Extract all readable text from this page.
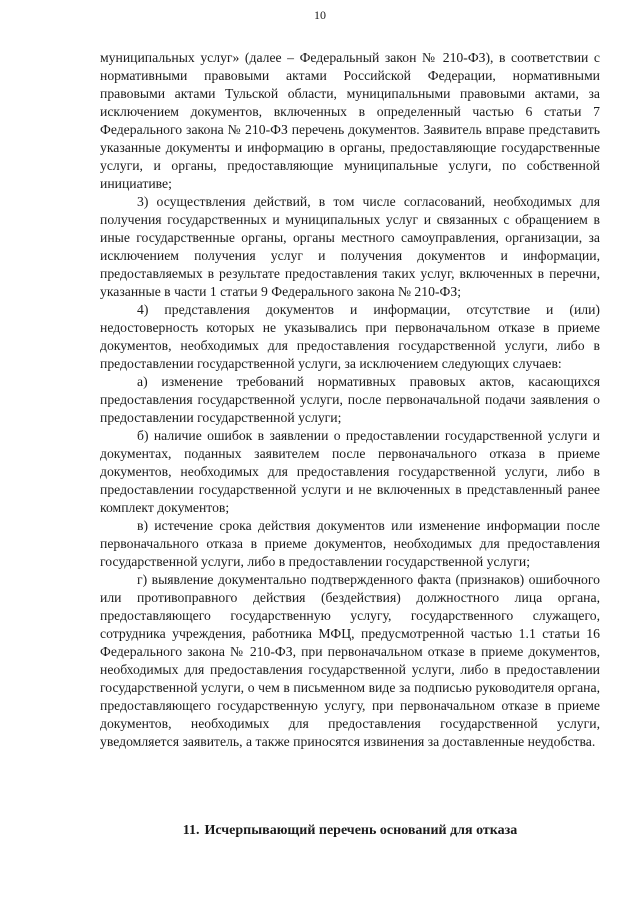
10

муниципальных услуг» (далее – Федеральный закон № 210-ФЗ), в соответствии с нормативными правовыми актами Российской Федерации, нормативными правовыми актами Тульской области, муниципальными правовыми актами, за исключением документов, включенных в определенный частью 6 статьи 7 Федерального закона № 210-ФЗ перечень документов. Заявитель вправе представить указанные документы и информацию в органы, предоставляющие государственные услуги, и органы, предоставляющие муниципальные услуги, по собственной инициативе;

3) осуществления действий, в том числе согласований, необходимых для получения государственных и муниципальных услуг и связанных с обращением в иные государственные органы, органы местного самоуправления, организации, за исключением получения услуг и получения документов и информации, предоставляемых в результате предоставления таких услуг, включенных в перечни, указанные в части 1 статьи 9 Федерального закона № 210-ФЗ;

4) представления документов и информации, отсутствие и (или) недостоверность которых не указывались при первоначальном отказе в приеме документов, необходимых для предоставления государственной услуги, либо в предоставлении государственной услуги, за исключением следующих случаев:

а) изменение требований нормативных правовых актов, касающихся предоставления государственной услуги, после первоначальной подачи заявления о предоставлении государственной услуги;

б) наличие ошибок в заявлении о предоставлении государственной услуги и документах, поданных заявителем после первоначального отказа в приеме документов, необходимых для предоставления государственной услуги, либо в предоставлении государственной услуги и не включенных в представленный ранее комплект документов;

в) истечение срока действия документов или изменение информации после первоначального отказа в приеме документов, необходимых для предоставления государственной услуги, либо в предоставлении государственной услуги;

г) выявление документально подтвержденного факта (признаков) ошибочного или противоправного действия (бездействия) должностного лица органа, предоставляющего государственную услугу, государственного служащего, сотрудника учреждения, работника МФЦ, предусмотренной частью 1.1 статьи 16 Федерального закона № 210-ФЗ, при первоначальном отказе в приеме документов, необходимых для предоставления государственной услуги, либо в предоставлении государственной услуги, о чем в письменном виде за подписью руководителя органа, предоставляющего государственную услугу, при первоначальном отказе в приеме документов, необходимых для предоставления государственной услуги, уведомляется заявитель, а также приносятся извинения за доставленные неудобства.

11. Исчерпывающий перечень оснований для отказа
